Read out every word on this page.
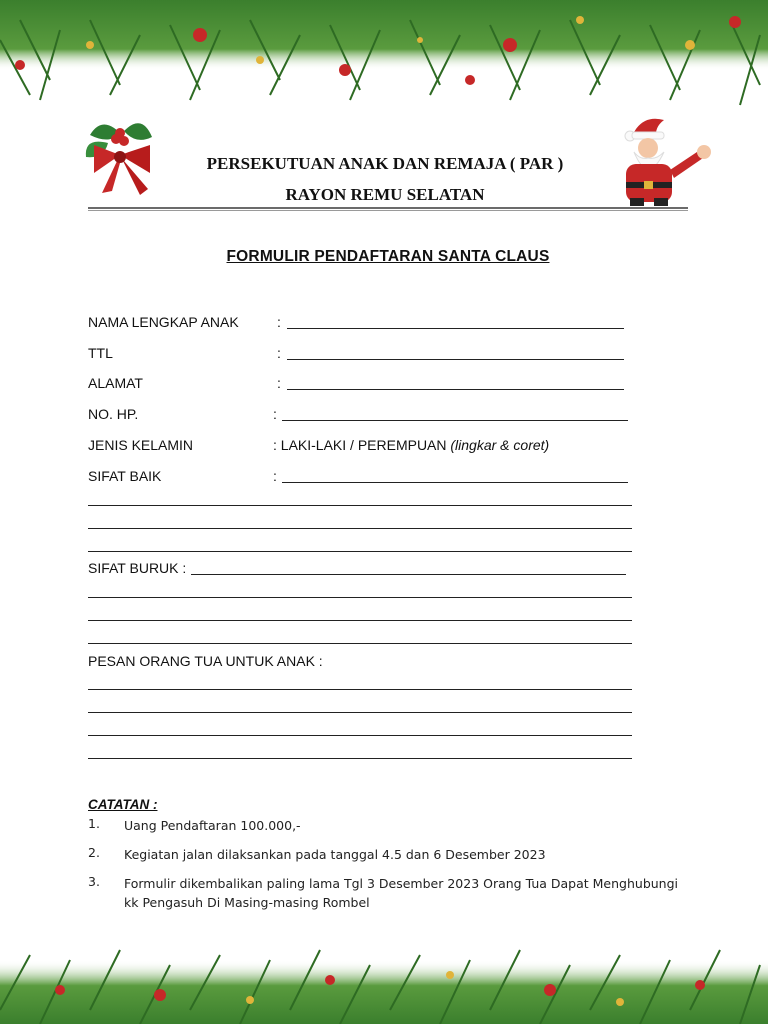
PERSEKUTUAN ANAK DAN REMAJA ( PAR )
RAYON REMU SELATAN
FORMULIR PENDAFTARAN SANTA CLAUS
NAMA LENGKAP ANAK	:
TTL	:
ALAMAT	:
NO. HP.	:
JENIS KELAMIN	: LAKI-LAKI / PEREMPUAN (lingkar & coret)
SIFAT BAIK	:
SIFAT BURUK :
PESAN ORANG TUA UNTUK ANAK :
CATATAN :
1. Uang Pendaftaran 100.000,-
2. Kegiatan jalan dilaksankan pada tanggal 4.5 dan 6 Desember 2023
3. Formulir dikembalikan paling lama Tgl 3 Desember 2023 Orang Tua Dapat Menghubungi kk Pengasuh Di Masing-masing Rombel
